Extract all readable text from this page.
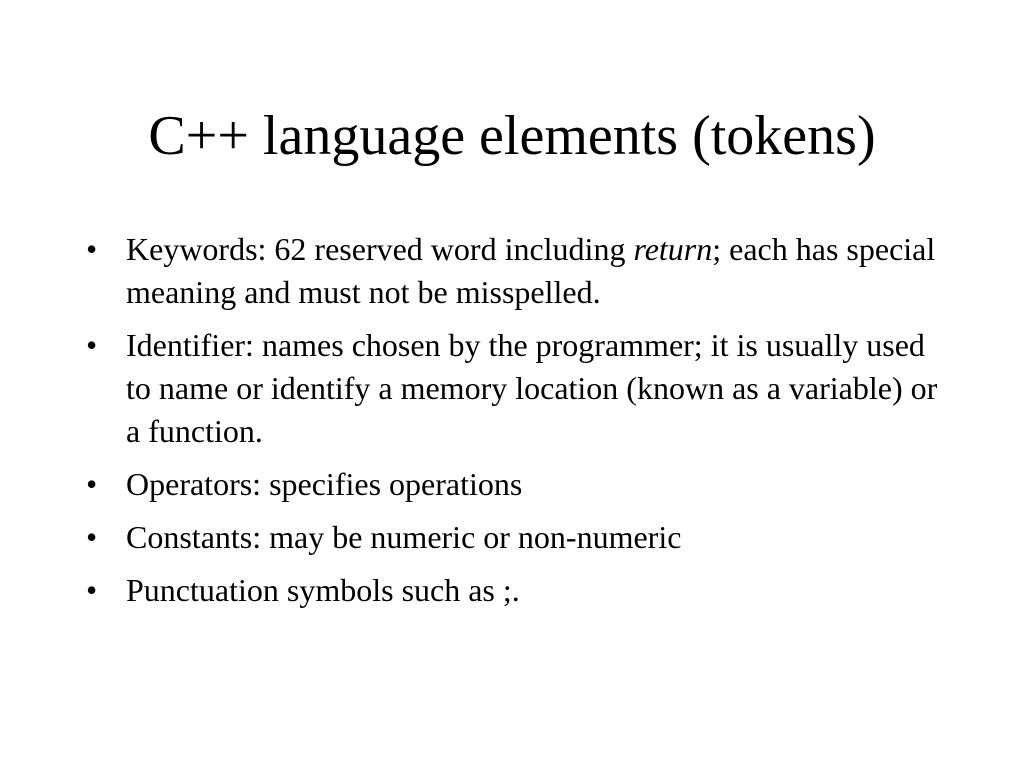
C++ language elements (tokens)
• Keywords: 62 reserved word including return; each has special meaning and must not be misspelled.
• Identifier: names chosen by the programmer; it is usually used to name or identify a memory location (known as a variable) or a function.
• Operators: specifies operations
• Constants: may be numeric or non-numeric
• Punctuation symbols such as ;.
